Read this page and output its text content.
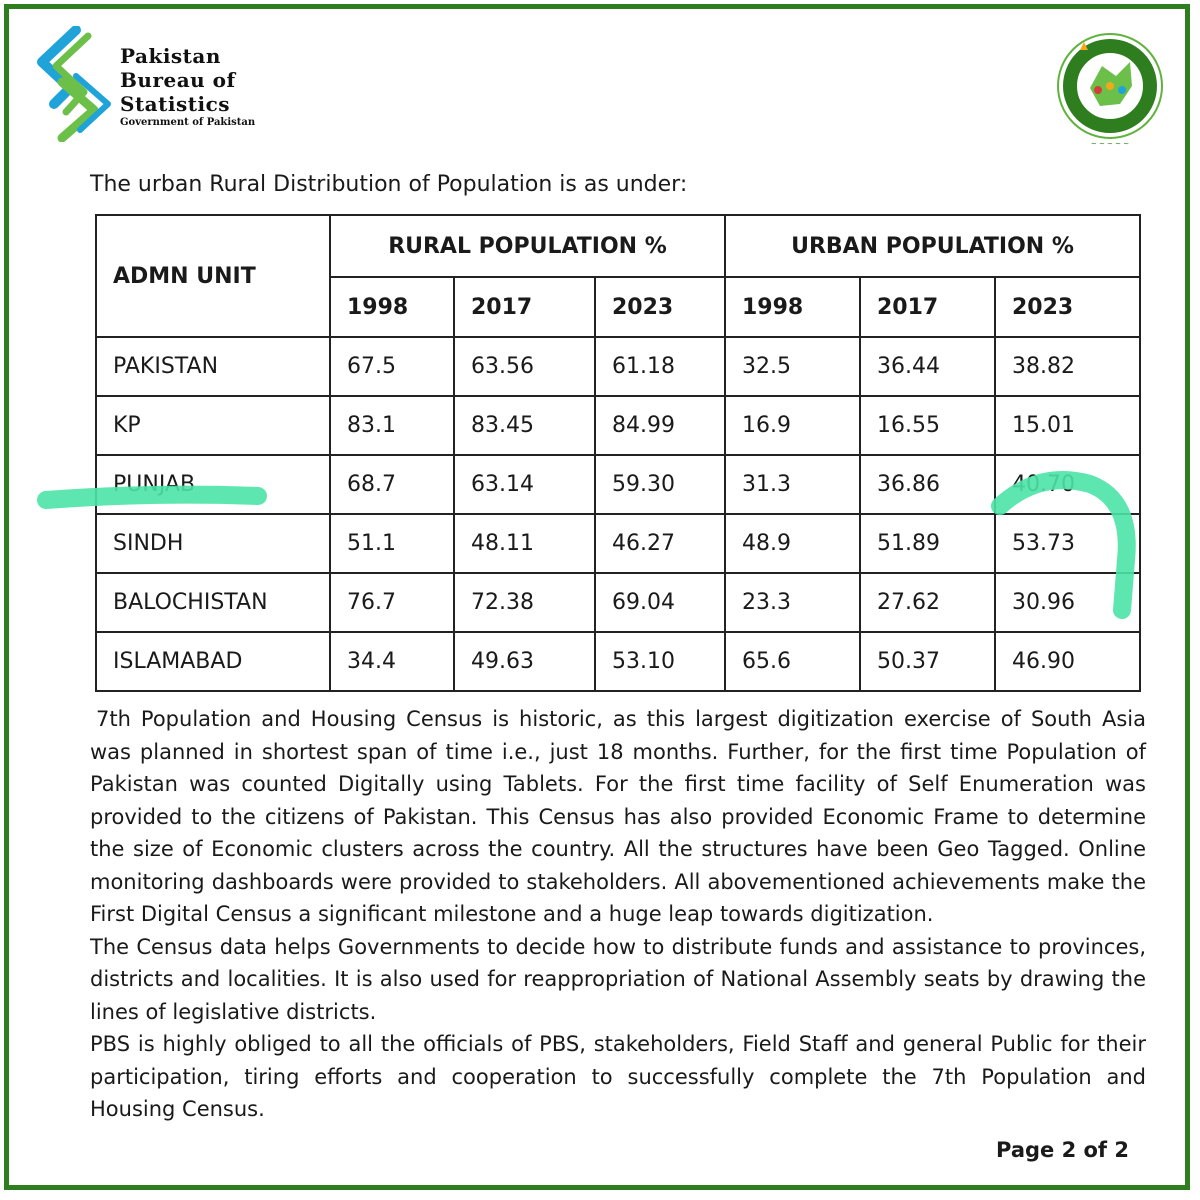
Pakistan
Bureau of
Statistics
Government of Pakistan
~ ~ ~ ~ ~
The urban Rural Distribution of Population is as under:
ADMN UNIT	RURAL POPULATION %			URBAN POPULATION %		
	1998	2017	2023	1998	2017	2023
PAKISTAN	67.5	63.56	61.18	32.5	36.44	38.82
KP	83.1	83.45	84.99	16.9	16.55	15.01
PUNJAB	68.7	63.14	59.30	31.3	36.86	40.70
SINDH	51.1	48.11	46.27	48.9	51.89	53.73
BALOCHISTAN	76.7	72.38	69.04	23.3	27.62	30.96
ISLAMABAD	34.4	49.63	53.10	65.6	50.37	46.90

7th Population and Housing Census is historic, as this largest digitization exercise of South Asia was planned in shortest span of time i.e., just 18 months. Further, for the first time Population of Pakistan was counted Digitally using Tablets. For the first time facility of Self Enumeration was provided to the citizens of Pakistan. This Census has also provided Economic Frame to determine the size of Economic clusters across the country. All the structures have been Geo Tagged. Online monitoring dashboards were provided to stakeholders. All abovementioned achievements make the First Digital Census a significant milestone and a huge leap towards digitization.

The Census data helps Governments to decide how to distribute funds and assistance to provinces, districts and localities. It is also used for reappropriation of National Assembly seats by drawing the lines of legislative districts.

PBS is highly obliged to all the officials of PBS, stakeholders, Field Staff and general Public for their participation, tiring efforts and cooperation to successfully complete the 7th Population and Housing Census.

Page 2 of 2
